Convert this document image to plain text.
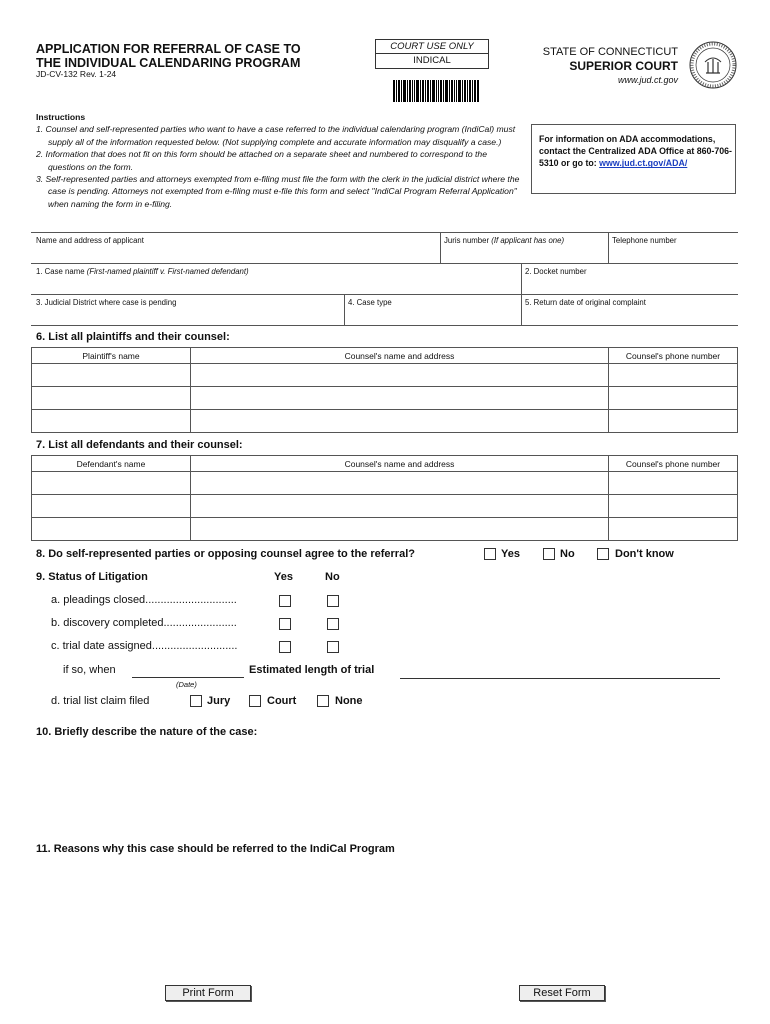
APPLICATION FOR REFERRAL OF CASE TO
THE INDIVIDUAL CALENDARING PROGRAM
JD-CV-132 Rev. 1-24
COURT USE ONLY
INDICAL
STATE OF CONNECTICUT
SUPERIOR COURT
www.jud.ct.gov
Instructions
1. Counsel and self-represented parties who want to have a case referred to the individual calendaring program (IndiCal) must supply all of the information requested below. (Not supplying complete and accurate information may disqualify a case.)
2. Information that does not fit on this form should be attached on a separate sheet and numbered to correspond to the questions on the form.
3. Self-represented parties and attorneys exempted from e-filing must file the form with the clerk in the judicial district where the case is pending. Attorneys not exempted from e-filing must e-file this form and select "IndiCal Program Referral Application" when naming the form in e-filing.
For information on ADA accommodations, contact the Centralized ADA Office at 860-706-5310 or go to: www.jud.ct.gov/ADA/
Name and address of applicant	Juris number (If applicant has one)	Telephone number
1. Case name (First-named plaintiff v. First-named defendant)	2. Docket number
3. Judicial District where case is pending	4. Case type	5. Return date of original complaint
6. List all plaintiffs and their counsel:
Plaintiff's name	Counsel's name and address	Counsel's phone number

7. List all defendants and their counsel:
Defendant's name	Counsel's name and address	Counsel's phone number

8. Do self-represented parties or opposing counsel agree to the referral?	Yes	No	Don't know
9. Status of Litigation	Yes	No
a. pleadings closed..............................
b. discovery completed........................
c. trial date assigned............................
if so, when
(Date)
Estimated length of trial
d. trial list claim filed	Jury	Court	None
10. Briefly describe the nature of the case:
11. Reasons why this case should be referred to the IndiCal Program
Print Form	Reset Form
